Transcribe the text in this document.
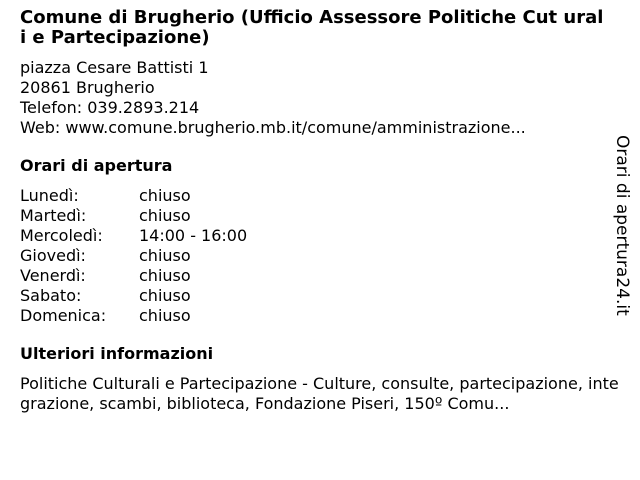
Comune di Brugherio (Ufficio Assessore Politiche Cut urali e Partecipazione)
piazza Cesare Battisti 1
20861 Brugherio
Telefon: 039.2893.214
Web: www.comune.brugherio.mb.it/comune/amministrazione...
Orari di apertura
Lunedì:	chiuso
Martedì:	chiuso
Mercoledì:	14:00 - 16:00
Giovedì:	chiuso
Venerdì:	chiuso
Sabato:	chiuso
Domenica:	chiuso
Ulteriori informazioni
Politiche Culturali e Partecipazione - Culture, consulte, partecipazione, integrazione, scambi, biblioteca, Fondazione Piseri, 150º Comu...
Orari di apertura24.it
